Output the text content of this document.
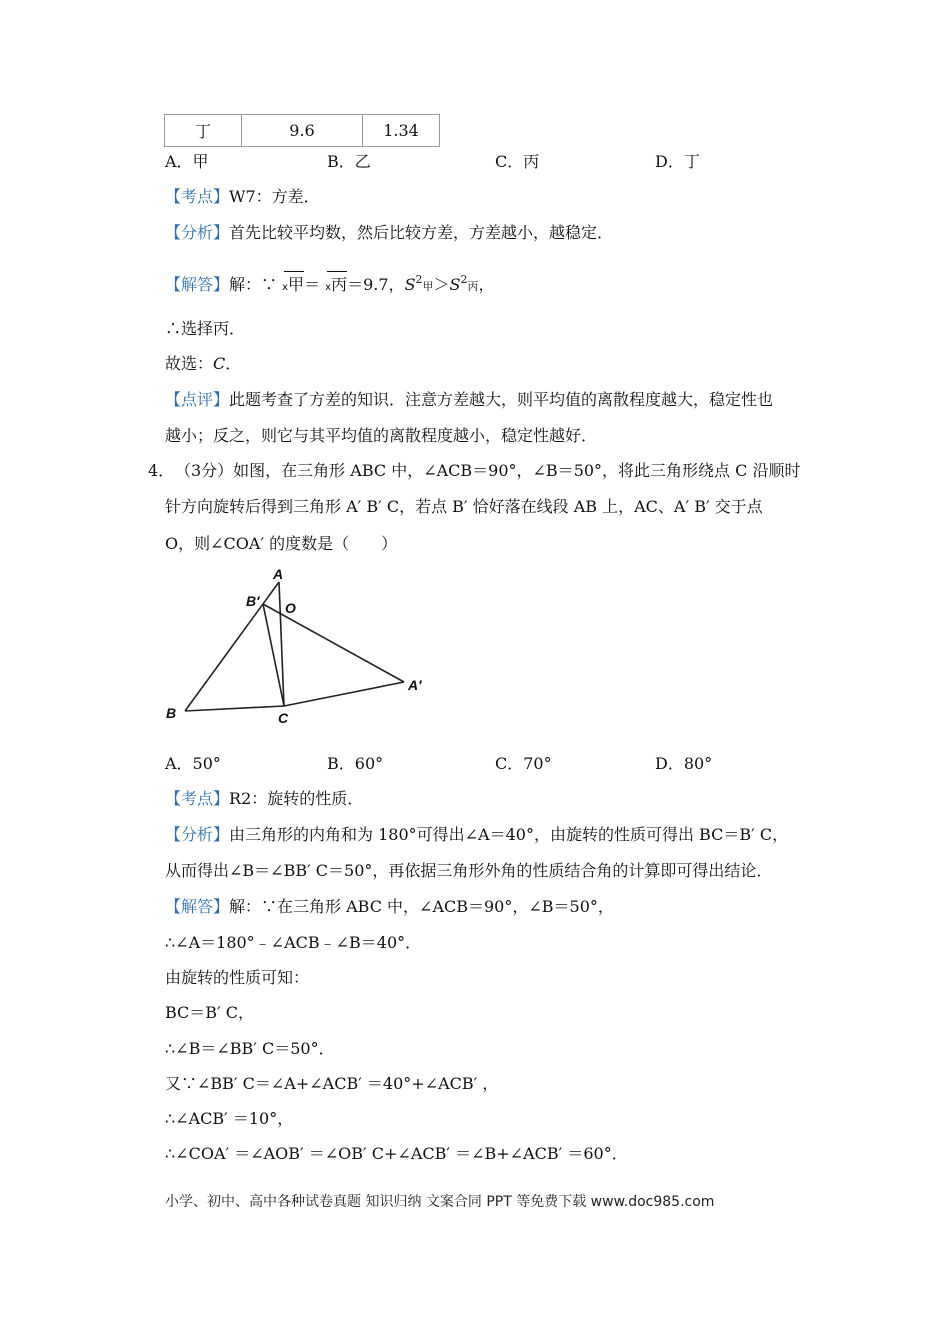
丁	9.6	1.34
A．甲	B．乙	C．丙	D．丁
【考点】W7：方差．
【分析】首先比较平均数，然后比较方差，方差越小，越稳定．
【解答】解：∵ x甲＝ x丙＝9.7，$S^2$甲$>S^2$丙，
∴选择丙．
故选：C．
【点评】此题考查了方差的知识．注意方差越大，则平均值的离散程度越大，稳定性也
越小；反之，则它与其平均值的离散程度越小，稳定性越好．
4． （3分）如图，在三角形 ABC 中，∠ACB＝90°，∠B＝50°，将此三角形绕点 C 沿顺时
针方向旋转后得到三角形 A′ B′ C，若点 B′ 恰好落在线段 AB 上，AC、A′ B′ 交于点
O，则∠COA′ 的度数是（　　）
A
B′ O
A′
B	C
A．50°	B．60°	C．70°	D．80°
【考点】R2：旋转的性质．
【分析】由三角形的内角和为 180°可得出∠A＝40°，由旋转的性质可得出 BC＝B′ C，
从而得出∠B＝∠BB′ C＝50°，再依据三角形外角的性质结合角的计算即可得出结论．
【解答】解：∵在三角形 ABC 中，∠ACB＝90°，∠B＝50°，
∴∠A＝180°﹣∠ACB﹣∠B＝40°．
由旋转的性质可知：
BC＝B′ C，
∴∠B＝∠BB′ C＝50°．
又∵∠BB′ C＝∠A+∠ACB′ ＝40°+∠ACB′ ，
∴∠ACB′ ＝10°，
∴∠COA′ ＝∠AOB′ ＝∠OB′ C+∠ACB′ ＝∠B+∠ACB′ ＝60°．
小学、初中、高中各种试卷真题 知识归纳 文案合同 PPT 等免费下载 www.doc985.com
